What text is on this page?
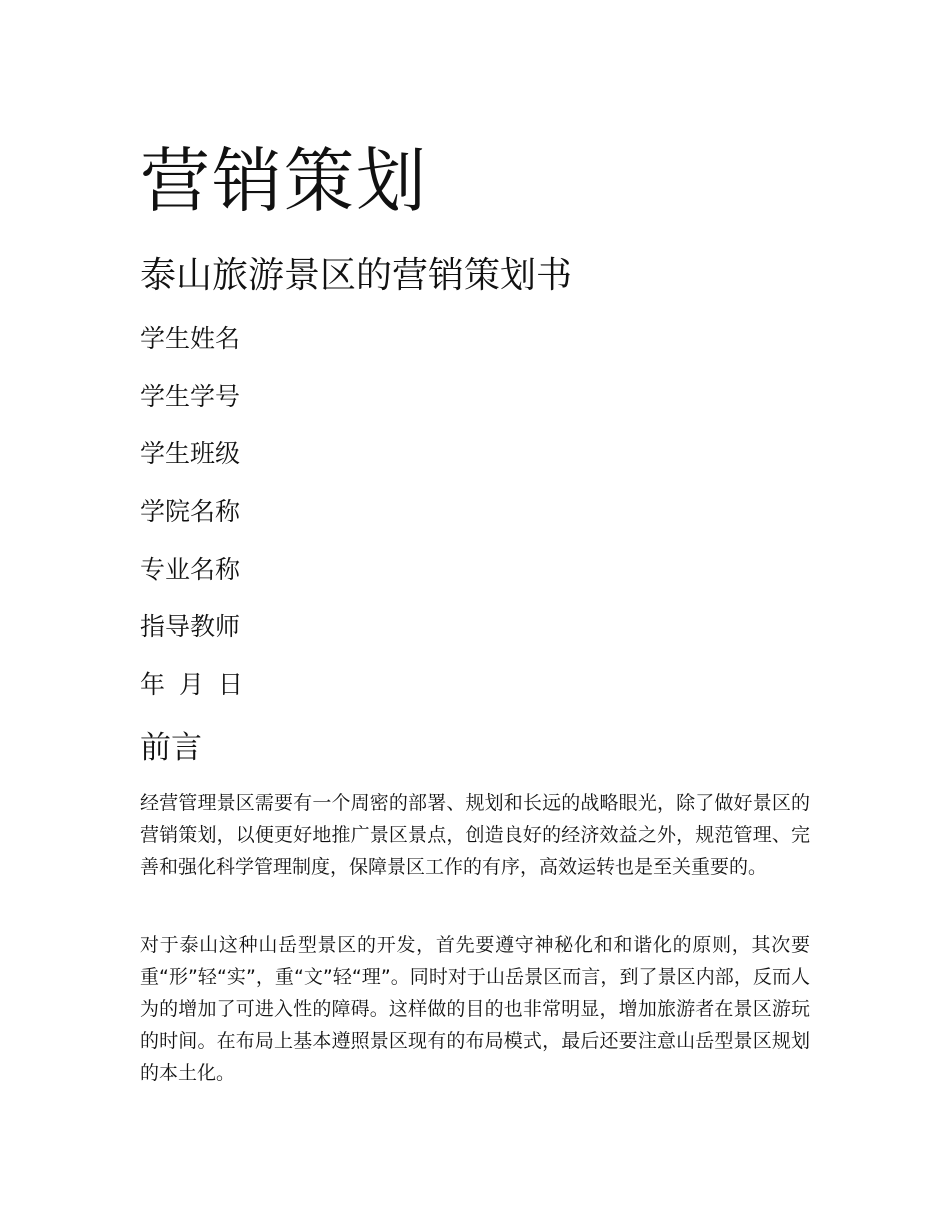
营销策划
泰山旅游景区的营销策划书

学生姓名

学生学号

学生班级

学院名称

专业名称

指导教师

年 月 日

前言

经营管理景区需要有一个周密的部署、规划和长远的战略眼光，除了做好景区的营销策划，以便更好地推广景区景点，创造良好的经济效益之外，规范管理、完善和强化科学管理制度，保障景区工作的有序，高效运转也是至关重要的。

对于泰山这种山岳型景区的开发，首先要遵守神秘化和和谐化的原则，其次要重“形”轻“实”，重“文”轻“理”。同时对于山岳景区而言，到了景区内部，反而人为的增加了可进入性的障碍。这样做的目的也非常明显，增加旅游者在景区游玩的时间。在布局上基本遵照景区现有的布局模式，最后还要注意山岳型景区规划的本土化。
